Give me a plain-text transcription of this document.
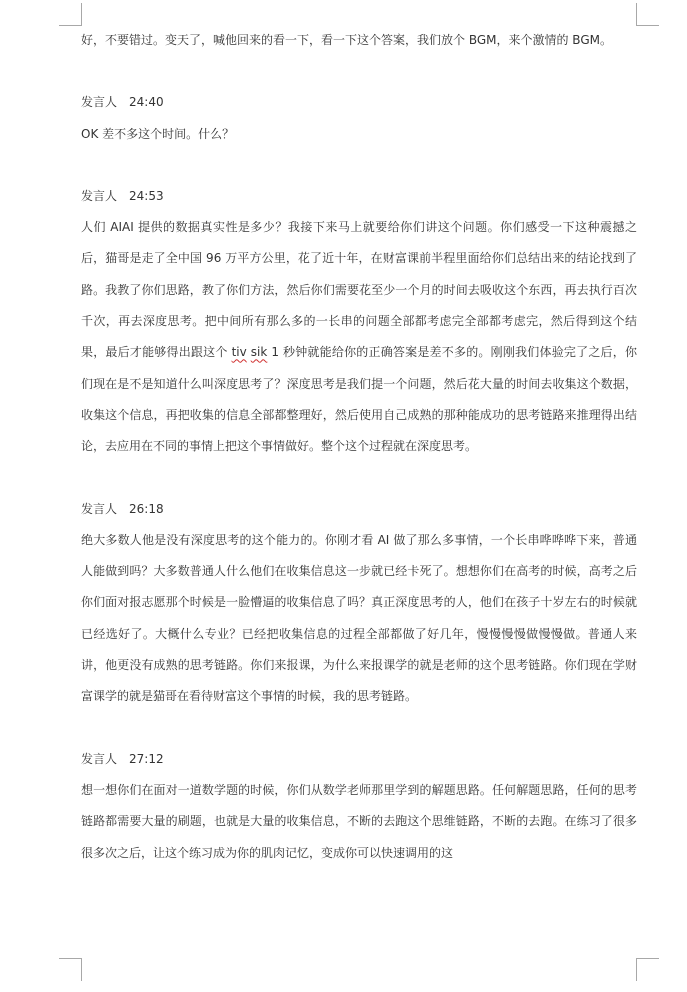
好，不要错过。变天了，喊他回来的看一下，看一下这个答案，我们放个 BGM，来个激情的 BGM。

发言人 24:40

OK 差不多这个时间。什么？

发言人 24:53

人们 AIAI 提供的数据真实性是多少？我接下来马上就要给你们讲这个问题。你们感受一下这种震撼之后，猫哥是走了全中国 96 万平方公里，花了近十年，在财富课前半程里面给你们总结出来的结论找到了路。我教了你们思路，教了你们方法，然后你们需要花至少一个月的时间去吸收这个东西，再去执行百次千次，再去深度思考。把中间所有那么多的一长串的问题全部都考虑完全部都考虑完，然后得到这个结果，最后才能够得出跟这个 tiv sik 1 秒钟就能给你的正确答案是差不多的。刚刚我们体验完了之后，你们现在是不是知道什么叫深度思考了？深度思考是我们提一个问题，然后花大量的时间去收集这个数据，收集这个信息，再把收集的信息全部都整理好，然后使用自己成熟的那种能成功的思考链路来推理得出结论，去应用在不同的事情上把这个事情做好。整个这个过程就在深度思考。

发言人 26:18

绝大多数人他是没有深度思考的这个能力的。你刚才看 AI 做了那么多事情，一个长串哗哗哗下来，普通人能做到吗？大多数普通人什么他们在收集信息这一步就已经卡死了。想想你们在高考的时候，高考之后你们面对报志愿那个时候是一脸懵逼的收集信息了吗？真正深度思考的人，他们在孩子十岁左右的时候就已经选好了。大概什么专业？已经把收集信息的过程全部都做了好几年，慢慢慢慢做慢慢做。普通人来讲，他更没有成熟的思考链路。你们来报课，为什么来报课学的就是老师的这个思考链路。你们现在学财富课学的就是猫哥在看待财富这个事情的时候，我的思考链路。

发言人 27:12

想一想你们在面对一道数学题的时候，你们从数学老师那里学到的解题思路。任何解题思路，任何的思考链路都需要大量的刷题，也就是大量的收集信息，不断的去跑这个思维链路，不断的去跑。在练习了很多很多次之后，让这个练习成为你的肌肉记忆，变成你可以快速调用的这
